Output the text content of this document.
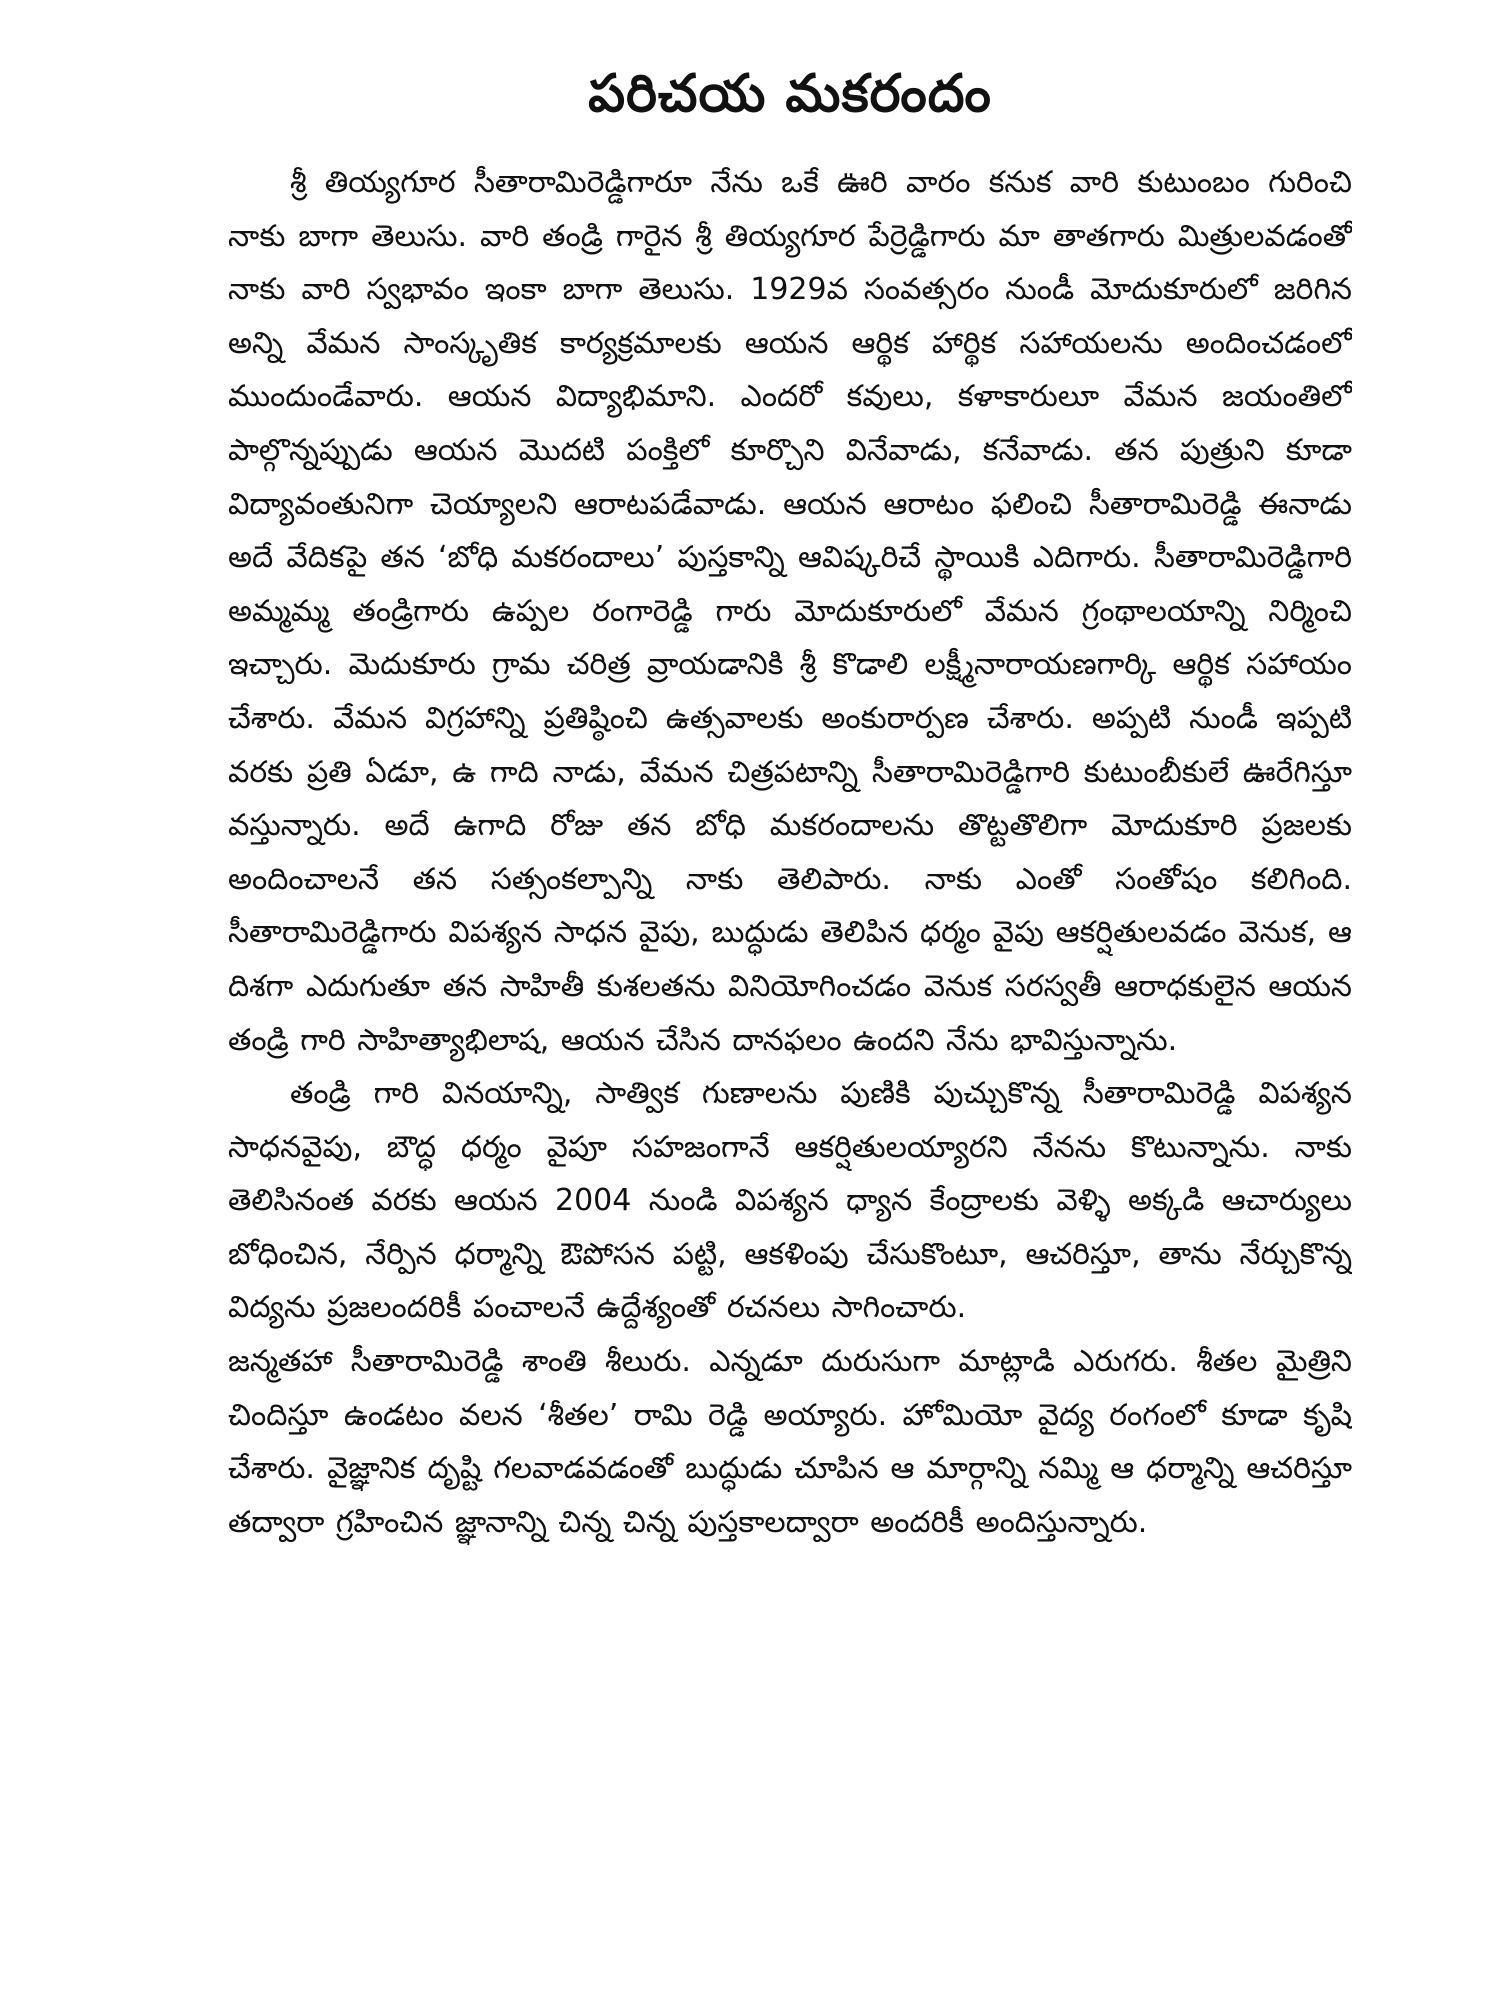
పరిచయ మకరందం

శ్రీ తియ్యగూర సీతారామిరెడ్డిగారూ నేను ఒకే ఊరి వారం కనుక వారి కుటుంబం గురించి నాకు బాగా తెలుసు. వారి తండ్రి గారైన శ్రీ తియ్యగూర పేర్రెడ్డిగారు మా తాతగారు మిత్రులవడంతో నాకు వారి స్వభావం ఇంకా బాగా తెలుసు. 1929వ సంవత్సరం నుండీ మోదుకూరులో జరిగిన అన్ని వేమన సాంస్కృతిక కార్యక్రమాలకు ఆయన ఆర్థిక హార్థిక సహాయలను అందించడంలో ముందుండేవారు. ఆయన విద్యాభిమాని. ఎందరో కవులు, కళాకారులూ వేమన జయంతిలో పాల్గొన్నప్పుడు ఆయన మొదటి పంక్తిలో కూర్చొని వినేవాడు, కనేవాడు. తన పుత్రుని కూడా విద్యావంతునిగా చెయ్యాలని ఆరాటపడేవాడు. ఆయన ఆరాటం ఫలించి సీతారామిరెడ్డి ఈనాడు అదే వేదికపై తన ‘బోధి మకరందాలు’ పుస్తకాన్ని ఆవిష్కరిచే స్థాయికి ఎదిగారు. సీతారామిరెడ్డిగారి అమ్మమ్మ తండ్రిగారు ఉప్పల రంగారెడ్డి గారు మోదుకూరులో వేమన గ్రంథాలయాన్ని నిర్మించి ఇచ్చారు. మెదుకూరు గ్రామ చరిత్ర వ్రాయడానికి శ్రీ కొడాలి లక్ష్మీనారాయణగార్కి ఆర్థిక సహాయం చేశారు. వేమన విగ్రహాన్ని ప్రతిష్ఠించి ఉత్సవాలకు అంకురార్పణ చేశారు. అప్పటి నుండీ ఇప్పటి వరకు ప్రతి ఏడూ, ఉ గాది నాడు, వేమన చిత్రపటాన్ని సీతారామిరెడ్డిగారి కుటుంబీకులే ఊరేగిస్తూ వస్తున్నారు. అదే ఉగాది రోజు తన బోధి మకరందాలను తొట్టతొలిగా మోదుకూరి ప్రజలకు అందించాలనే తన సత్సంకల్పాన్ని నాకు తెలిపారు. నాకు ఎంతో సంతోషం కలిగింది. సీతారామిరెడ్డిగారు విపశ్యన సాధన వైపు, బుద్ధుడు తెలిపిన ధర్మం వైపు ఆకర్షితులవడం వెనుక, ఆ దిశగా ఎదుగుతూ తన సాహితీ కుశలతను వినియోగించడం వెనుక సరస్వతీ ఆరాధకులైన ఆయన తండ్రి గారి సాహిత్యాభిలాష, ఆయన చేసిన దానఫలం ఉందని నేను భావిస్తున్నాను.

తండ్రి గారి వినయాన్ని, సాత్విక గుణాలను పుణికి పుచ్చుకొన్న సీతారామిరెడ్డి విపశ్యన సాధనవైపు, బౌద్ధ ధర్మం వైపూ సహజంగానే ఆకర్షితులయ్యారని నేనను కొటున్నాను. నాకు తెలిసినంత వరకు ఆయన 2004 నుండి విపశ్యన ధ్యాన కేంద్రాలకు వెళ్ళి అక్కడి ఆచార్యులు బోధించిన, నేర్పిన ధర్మాన్ని ఔపోసన పట్టి, ఆకళింపు చేసుకొంటూ, ఆచరిస్తూ, తాను నేర్చుకొన్న విద్యను ప్రజలందరికీ పంచాలనే ఉద్దేశ్యంతో రచనలు సాగించారు.

జన్మతహా సీతారామిరెడ్డి శాంతి శీలురు. ఎన్నడూ దురుసుగా మాట్లాడి ఎరుగరు. శీతల మైత్రిని చిందిస్తూ ఉండటం వలన ‘శీతల’ రామి రెడ్డి అయ్యారు. హోమియో వైద్య రంగంలో కూడా కృషి చేశారు. వైజ్ఞానిక దృష్టి గలవాడవడంతో బుద్ధుడు చూపిన ఆ మార్గాన్ని నమ్మి ఆ ధర్మాన్ని ఆచరిస్తూ తద్వారా గ్రహించిన జ్ఞానాన్ని చిన్న చిన్న పుస్తకాలద్వారా అందరికీ అందిస్తున్నారు.
